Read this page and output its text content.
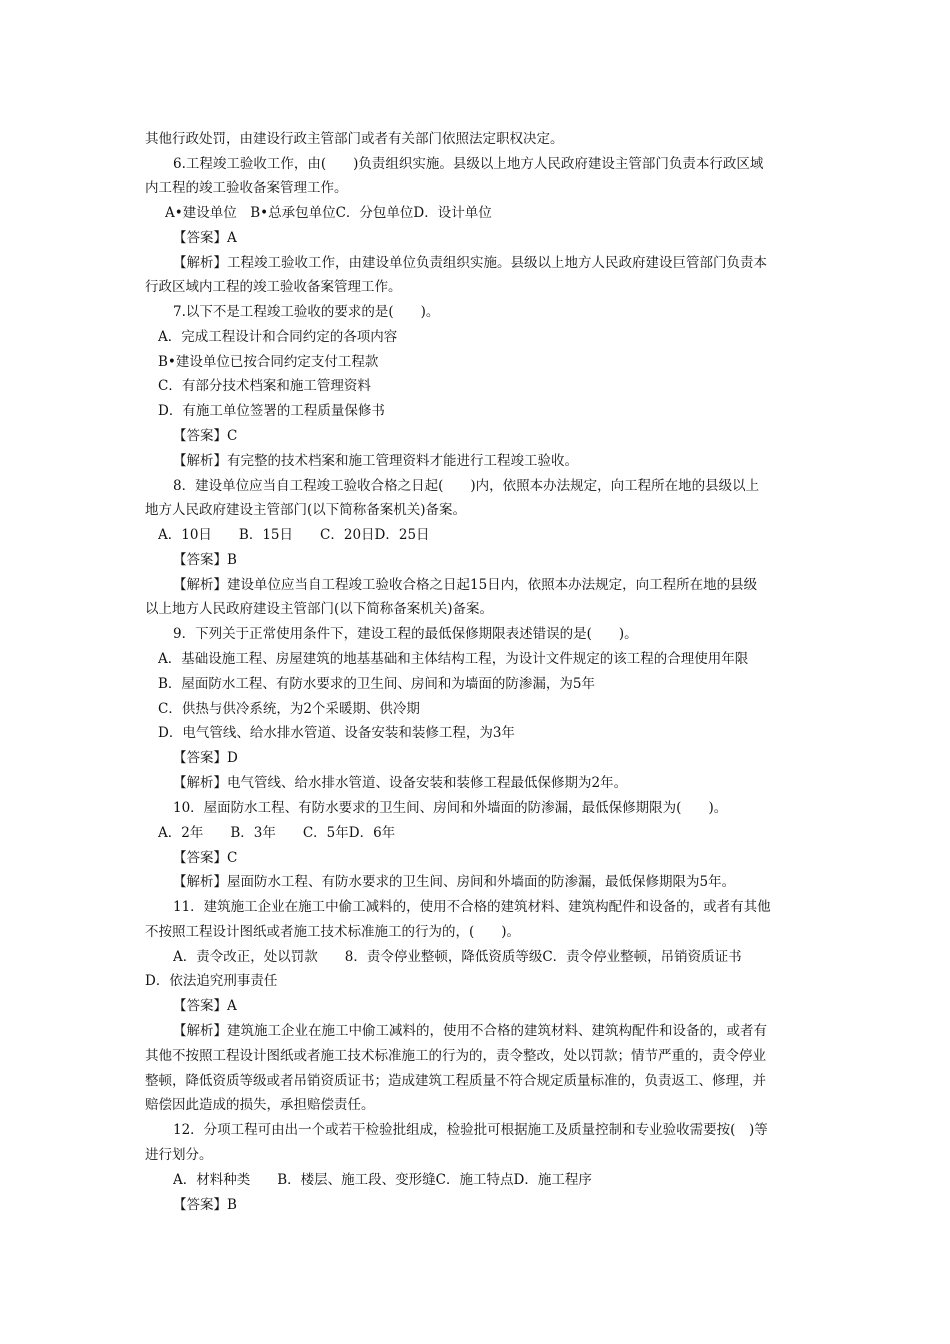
其他行政处罚，由建设行政主管部门或者有关部门依照法定职权决定。
6.工程竣工验收工作，由(　　)负责组织实施。县级以上地方人民政府建设主管部门负责本行政区域
内工程的竣工验收备案管理工作。
A•建设单位　B•总承包单位C．分包单位D．设计单位
【答案】A
【解析】工程竣工验收工作，由建设单位负责组织实施。县级以上地方人民政府建设巨管部门负责本
行政区域内工程的竣工验收备案管理工作。
7.以下不是工程竣工验收的要求的是(　　)。
A．完成工程设计和合同约定的各项内容
B•建设单位已按合同约定支付工程款
C．有部分技术档案和施工管理资料
D．有施工单位签署的工程质量保修书
【答案】C
【解析】有完整的技术档案和施工管理资料才能进行工程竣工验收。
8．建设单位应当自工程竣工验收合格之日起(　　)内，依照本办法规定，向工程所在地的县级以上
地方人民政府建设主管部门(以下简称备案机关)备案。
A．10日　　B．15日　　C．20日D．25日
【答案】B
【解析】建设单位应当自工程竣工验收合格之日起15日内，依照本办法规定，向工程所在地的县级
以上地方人民政府建设主管部门(以下简称备案机关)备案。
9．下列关于正常使用条件下，建设工程的最低保修期限表述错误的是(　　)。
A．基础设施工程、房屋建筑的地基基础和主体结构工程，为设计文件规定的该工程的合理使用年限
B．屋面防水工程、有防水要求的卫生间、房间和为墙面的防渗漏，为5年
C．供热与供冷系统，为2个采暖期、供冷期
D．电气管线、给水排水管道、设备安装和装修工程，为3年
【答案】D
【解析】电气管线、给水排水管道、设备安装和装修工程最低保修期为2年。
10．屋面防水工程、有防水要求的卫生间、房间和外墙面的防渗漏，最低保修期限为(　　)。
A．2年　　B．3年　　C．5年D．6年
【答案】C
【解析】屋面防水工程、有防水要求的卫生间、房间和外墙面的防渗漏，最低保修期限为5年。
11．建筑施工企业在施工中偷工减料的，使用不合格的建筑材料、建筑构配件和设备的，或者有其他
不按照工程设计图纸或者施工技术标准施工的行为的，(　　)。
A．责令改正，处以罚款　　8．责令停业整顿，降低资质等级C．责令停业整顿，吊销资质证书
D．依法追究刑事责任
【答案】A
【解析】建筑施工企业在施工中偷工减料的，使用不合格的建筑材料、建筑构配件和设备的，或者有
其他不按照工程设计图纸或者施工技术标准施工的行为的，责令整改，处以罚款；情节严重的，责令停业
整顿，降低资质等级或者吊销资质证书；造成建筑工程质量不符合规定质量标准的，负责返工、修理，并
赔偿因此造成的损失，承担赔偿责任。
12．分项工程可由出一个或若干检验批组成，检验批可根据施工及质量控制和专业验收需要按(　)等
进行划分。
A．材料种类　　B．楼层、施工段、变形缝C．施工特点D．施工程序
【答案】B
